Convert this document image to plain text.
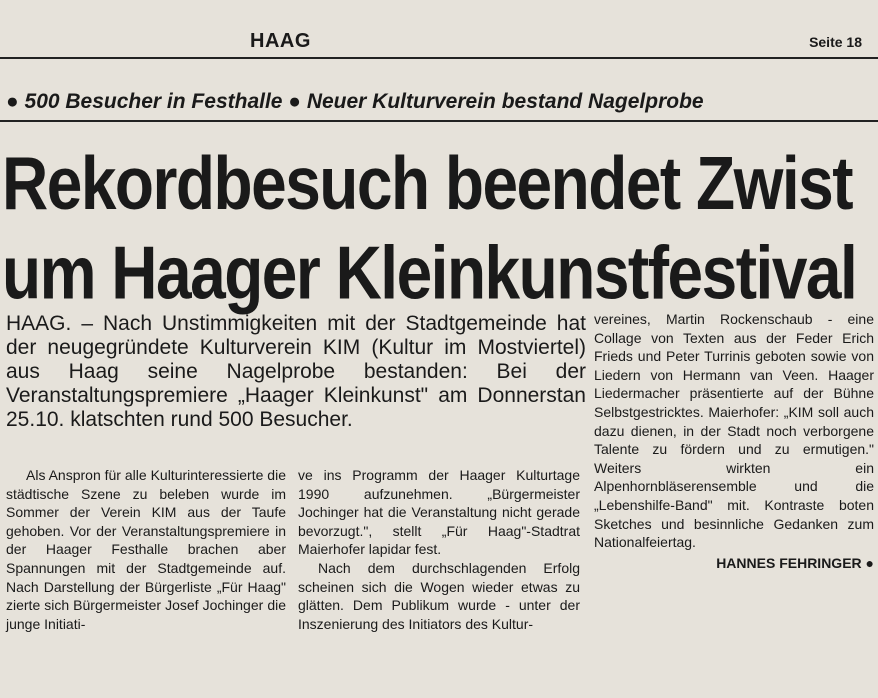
HAAG	Seite 18
● 500 Besucher in Festhalle ● Neuer Kulturverein bestand Nagelprobe
Rekordbesuch beendet Zwist
um Haager Kleinkunstfestival
HAAG. – Nach Unstimmigkeiten mit der Stadtgemeinde hat der neugegründete Kulturverein KIM (Kultur im Mostviertel) aus Haag seine Nagelprobe bestanden: Bei der Veranstaltungspremiere „Haager Kleinkunst" am Donnerstan 25.10. klatschten rund 500 Besucher.

Als Anspron für alle Kulturinteressierte die städtische Szene zu beleben wurde im Sommer der Verein KIM aus der Taufe gehoben. Vor der Veranstaltungspremiere in der Haager Festhalle brachen aber Spannungen mit der Stadtgemeinde auf. Nach Darstellung der Bürgerliste „Für Haag" zierte sich Bürgermeister Josef Jochinger die junge Initiati-

ve ins Programm der Haager Kulturtage 1990 aufzunehmen. „Bürgermeister Jochinger hat die Veranstaltung nicht gerade bevorzugt.", stellt „Für Haag"-Stadtrat Maierhofer lapidar fest.

Nach dem durchschlagenden Erfolg scheinen sich die Wogen wieder etwas zu glätten. Dem Publikum wurde - unter der Inszenierung des Initiators des Kultur-

vereines, Martin Rockenschaub - eine Collage von Texten aus der Feder Erich Frieds und Peter Turrinis geboten sowie von Liedern von Hermann van Veen. Haager Liedermacher präsentierte auf der Bühne Selbstgestricktes. Maierhofer: „KIM soll auch dazu dienen, in der Stadt noch verborgene Talente zu fördern und zu ermutigen." Weiters wirkten ein Alpenhornbläserensemble und die „Lebenshilfe-Band" mit. Kontraste boten Sketches und besinnliche Gedanken zum Nationalfeiertag.

HANNES FEHRINGER ●
